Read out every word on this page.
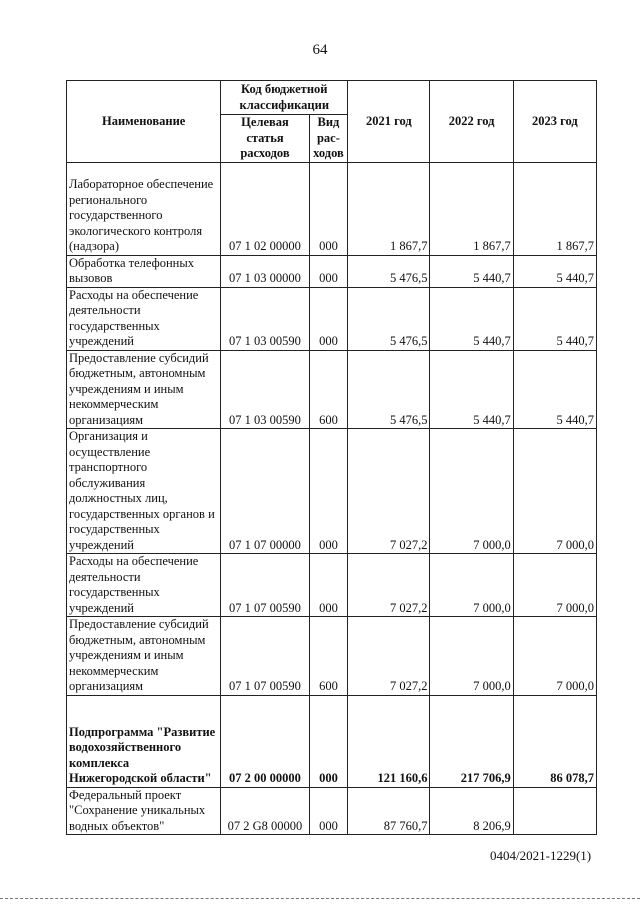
64
Наименование	Код бюджетной классификации		2021 год	2022 год	2023 год
	Целевая статья расходов	Вид рас-ходов			
Лабораторное обеспечение регионального государственного экологического контроля (надзора)	07 1 02 00000	000	1 867,7	1 867,7	1 867,7
Обработка телефонных вызовов	07 1 03 00000	000	5 476,5	5 440,7	5 440,7
Расходы на обеспечение деятельности государственных учреждений	07 1 03 00590	000	5 476,5	5 440,7	5 440,7
Предоставление субсидий бюджетным, автономным учреждениям и иным некоммерческим организациям	07 1 03 00590	600	5 476,5	5 440,7	5 440,7
Организация и осуществление транспортного обслуживания должностных лиц, государственных органов и государственных учреждений	07 1 07 00000	000	7 027,2	7 000,0	7 000,0
Расходы на обеспечение деятельности государственных учреждений	07 1 07 00590	000	7 027,2	7 000,0	7 000,0
Предоставление субсидий бюджетным, автономным учреждениям и иным некоммерческим организациям	07 1 07 00590	600	7 027,2	7 000,0	7 000,0
Подпрограмма "Развитие водохозяйственного комплекса Нижегородской области"	07 2 00 00000	000	121 160,6	217 706,9	86 078,7
Федеральный проект "Сохранение уникальных водных объектов"	07 2 G8 00000	000	87 760,7	8 206,9	
0404/2021-1229(1)
